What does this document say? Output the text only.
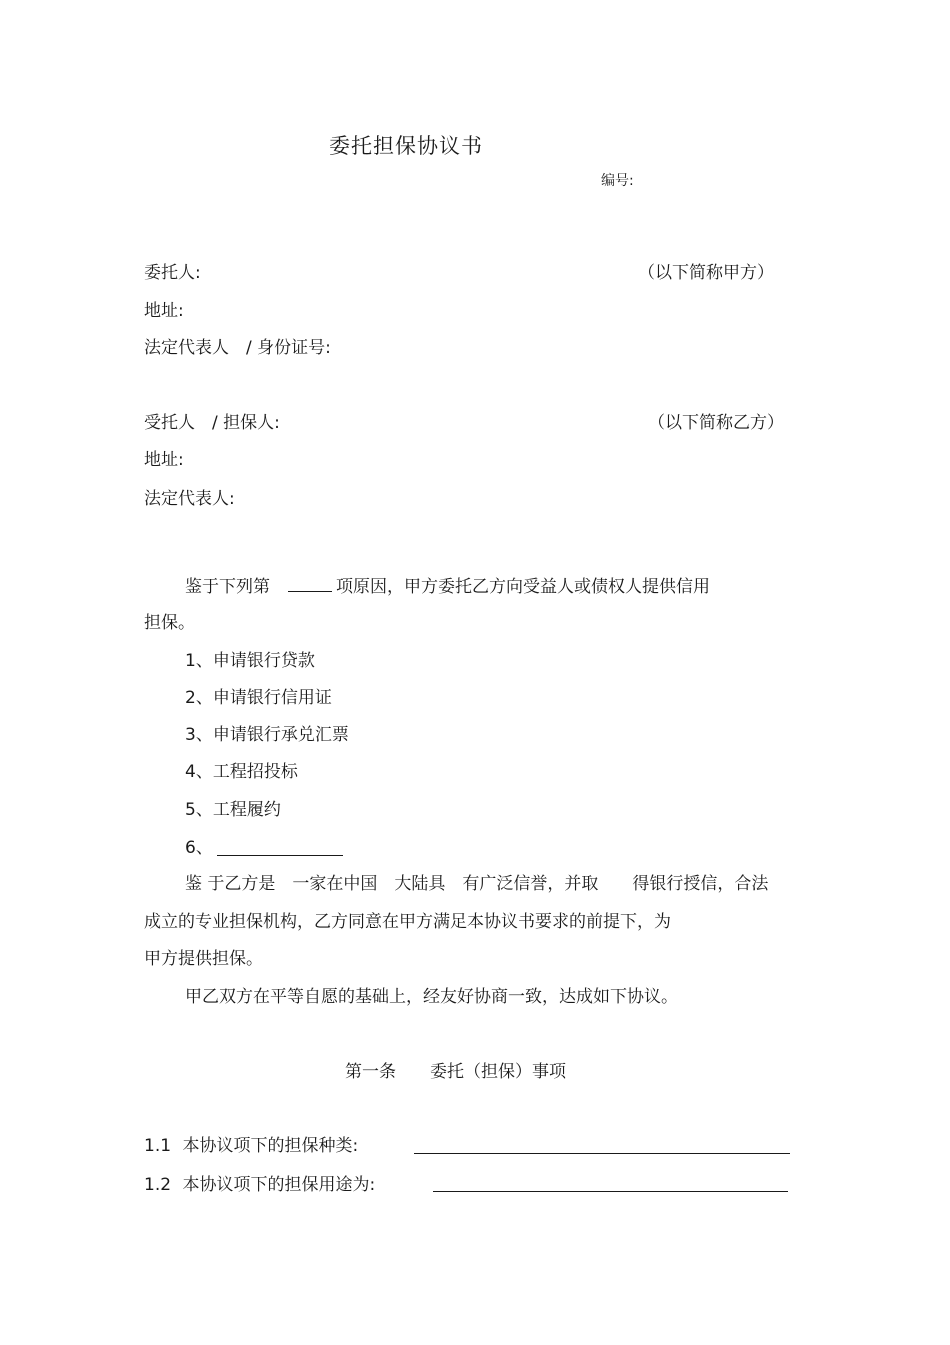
委托担保协议书
编号:
委托人:	（以下简称甲方）
地址:
法定代表人　/ 身份证号:
受托人　/ 担保人:	（以下简称乙方）
地址:
法定代表人:
鉴于下列第	项原因，甲方委托乙方向受益人或债权人提供信用
担保。
1、申请银行贷款
2、申请银行信用证
3、申请银行承兑汇票
4、工程招投标
5、工程履约
6、
鉴 于乙方是　一家在中国　大陆具　有广泛信誉，并取　　得银行授信，合法
成立的专业担保机构，乙方同意在甲方满足本协议书要求的前提下，为
甲方提供担保。
甲乙双方在平等自愿的基础上，经友好协商一致，达成如下协议。
第一条　　委托（担保）事项
1.1 本协议项下的担保种类:
1.2 本协议项下的担保用途为:
